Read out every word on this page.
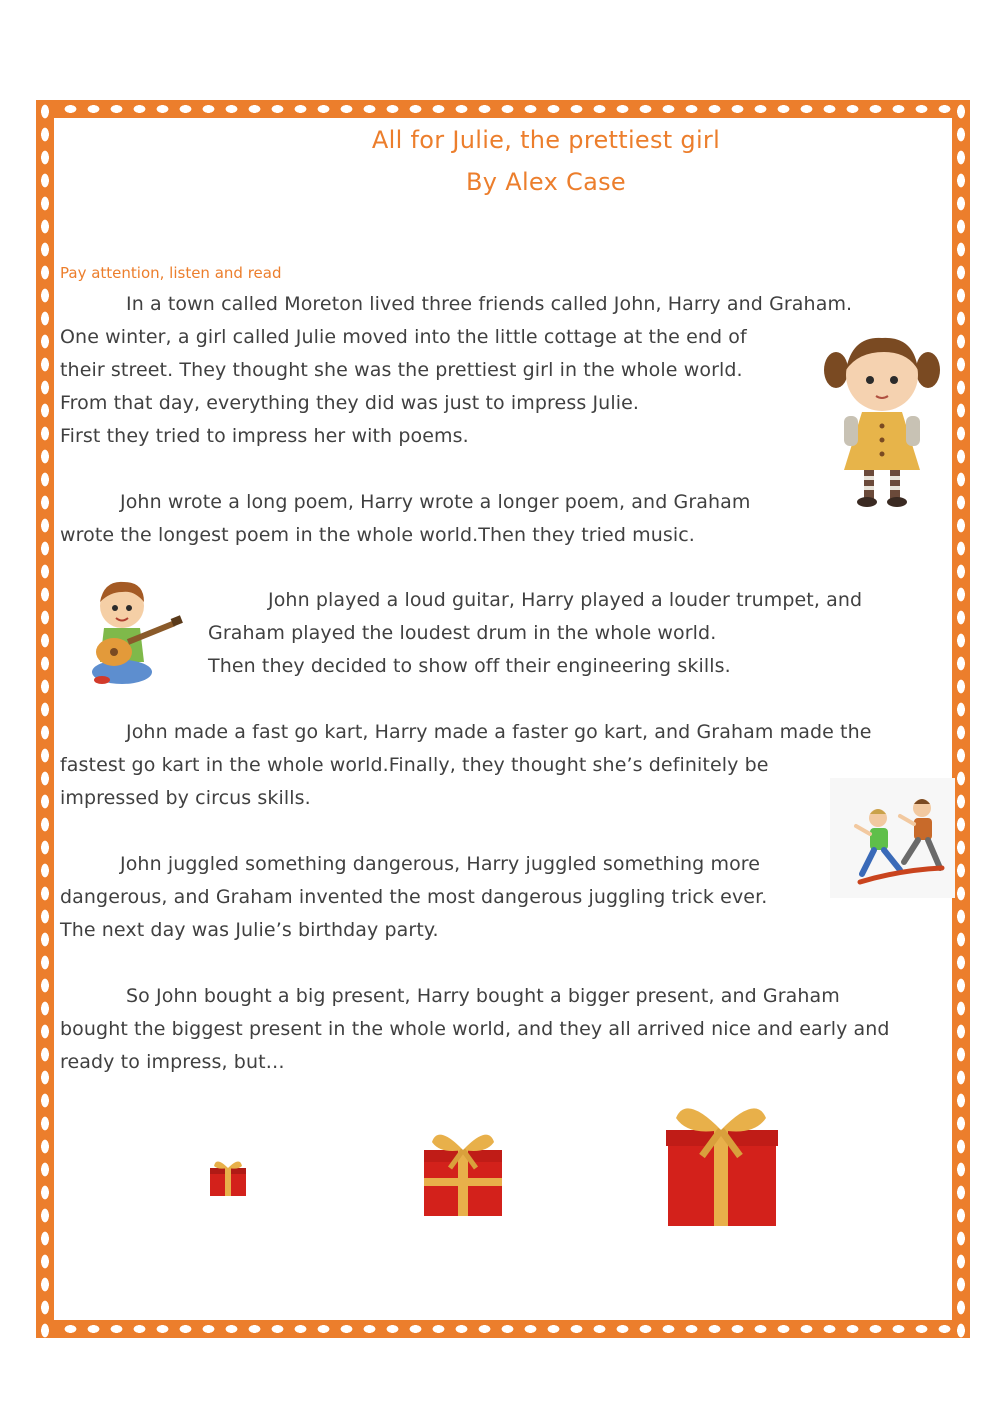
All for Julie, the prettiest girl
By Alex Case
Pay attention, listen and read
In a town called Moreton lived three friends called John, Harry and Graham.
One winter, a girl called Julie moved into the little cottage at the end of
their street. They thought she was the prettiest girl in the whole world.
From that day, everything they did was just to impress Julie.
First they tried to impress her with poems.
John wrote a long poem, Harry wrote a longer poem, and Graham
wrote the longest poem in the whole world.Then they tried music.
John played a loud guitar, Harry played a louder trumpet, and
Graham played the loudest drum in the whole world.
Then they decided to show off their engineering skills.
John made a fast go kart, Harry made a faster go kart, and Graham made the
fastest go kart in the whole world.Finally, they thought she’s definitely be
impressed by circus skills.
John juggled something dangerous, Harry juggled something more
dangerous, and Graham invented the most dangerous juggling trick ever.
The next day was Julie’s birthday party.
So John bought a big present, Harry bought a bigger present, and Graham
bought the biggest present in the whole world, and they all arrived nice and early and
ready to impress, but…
